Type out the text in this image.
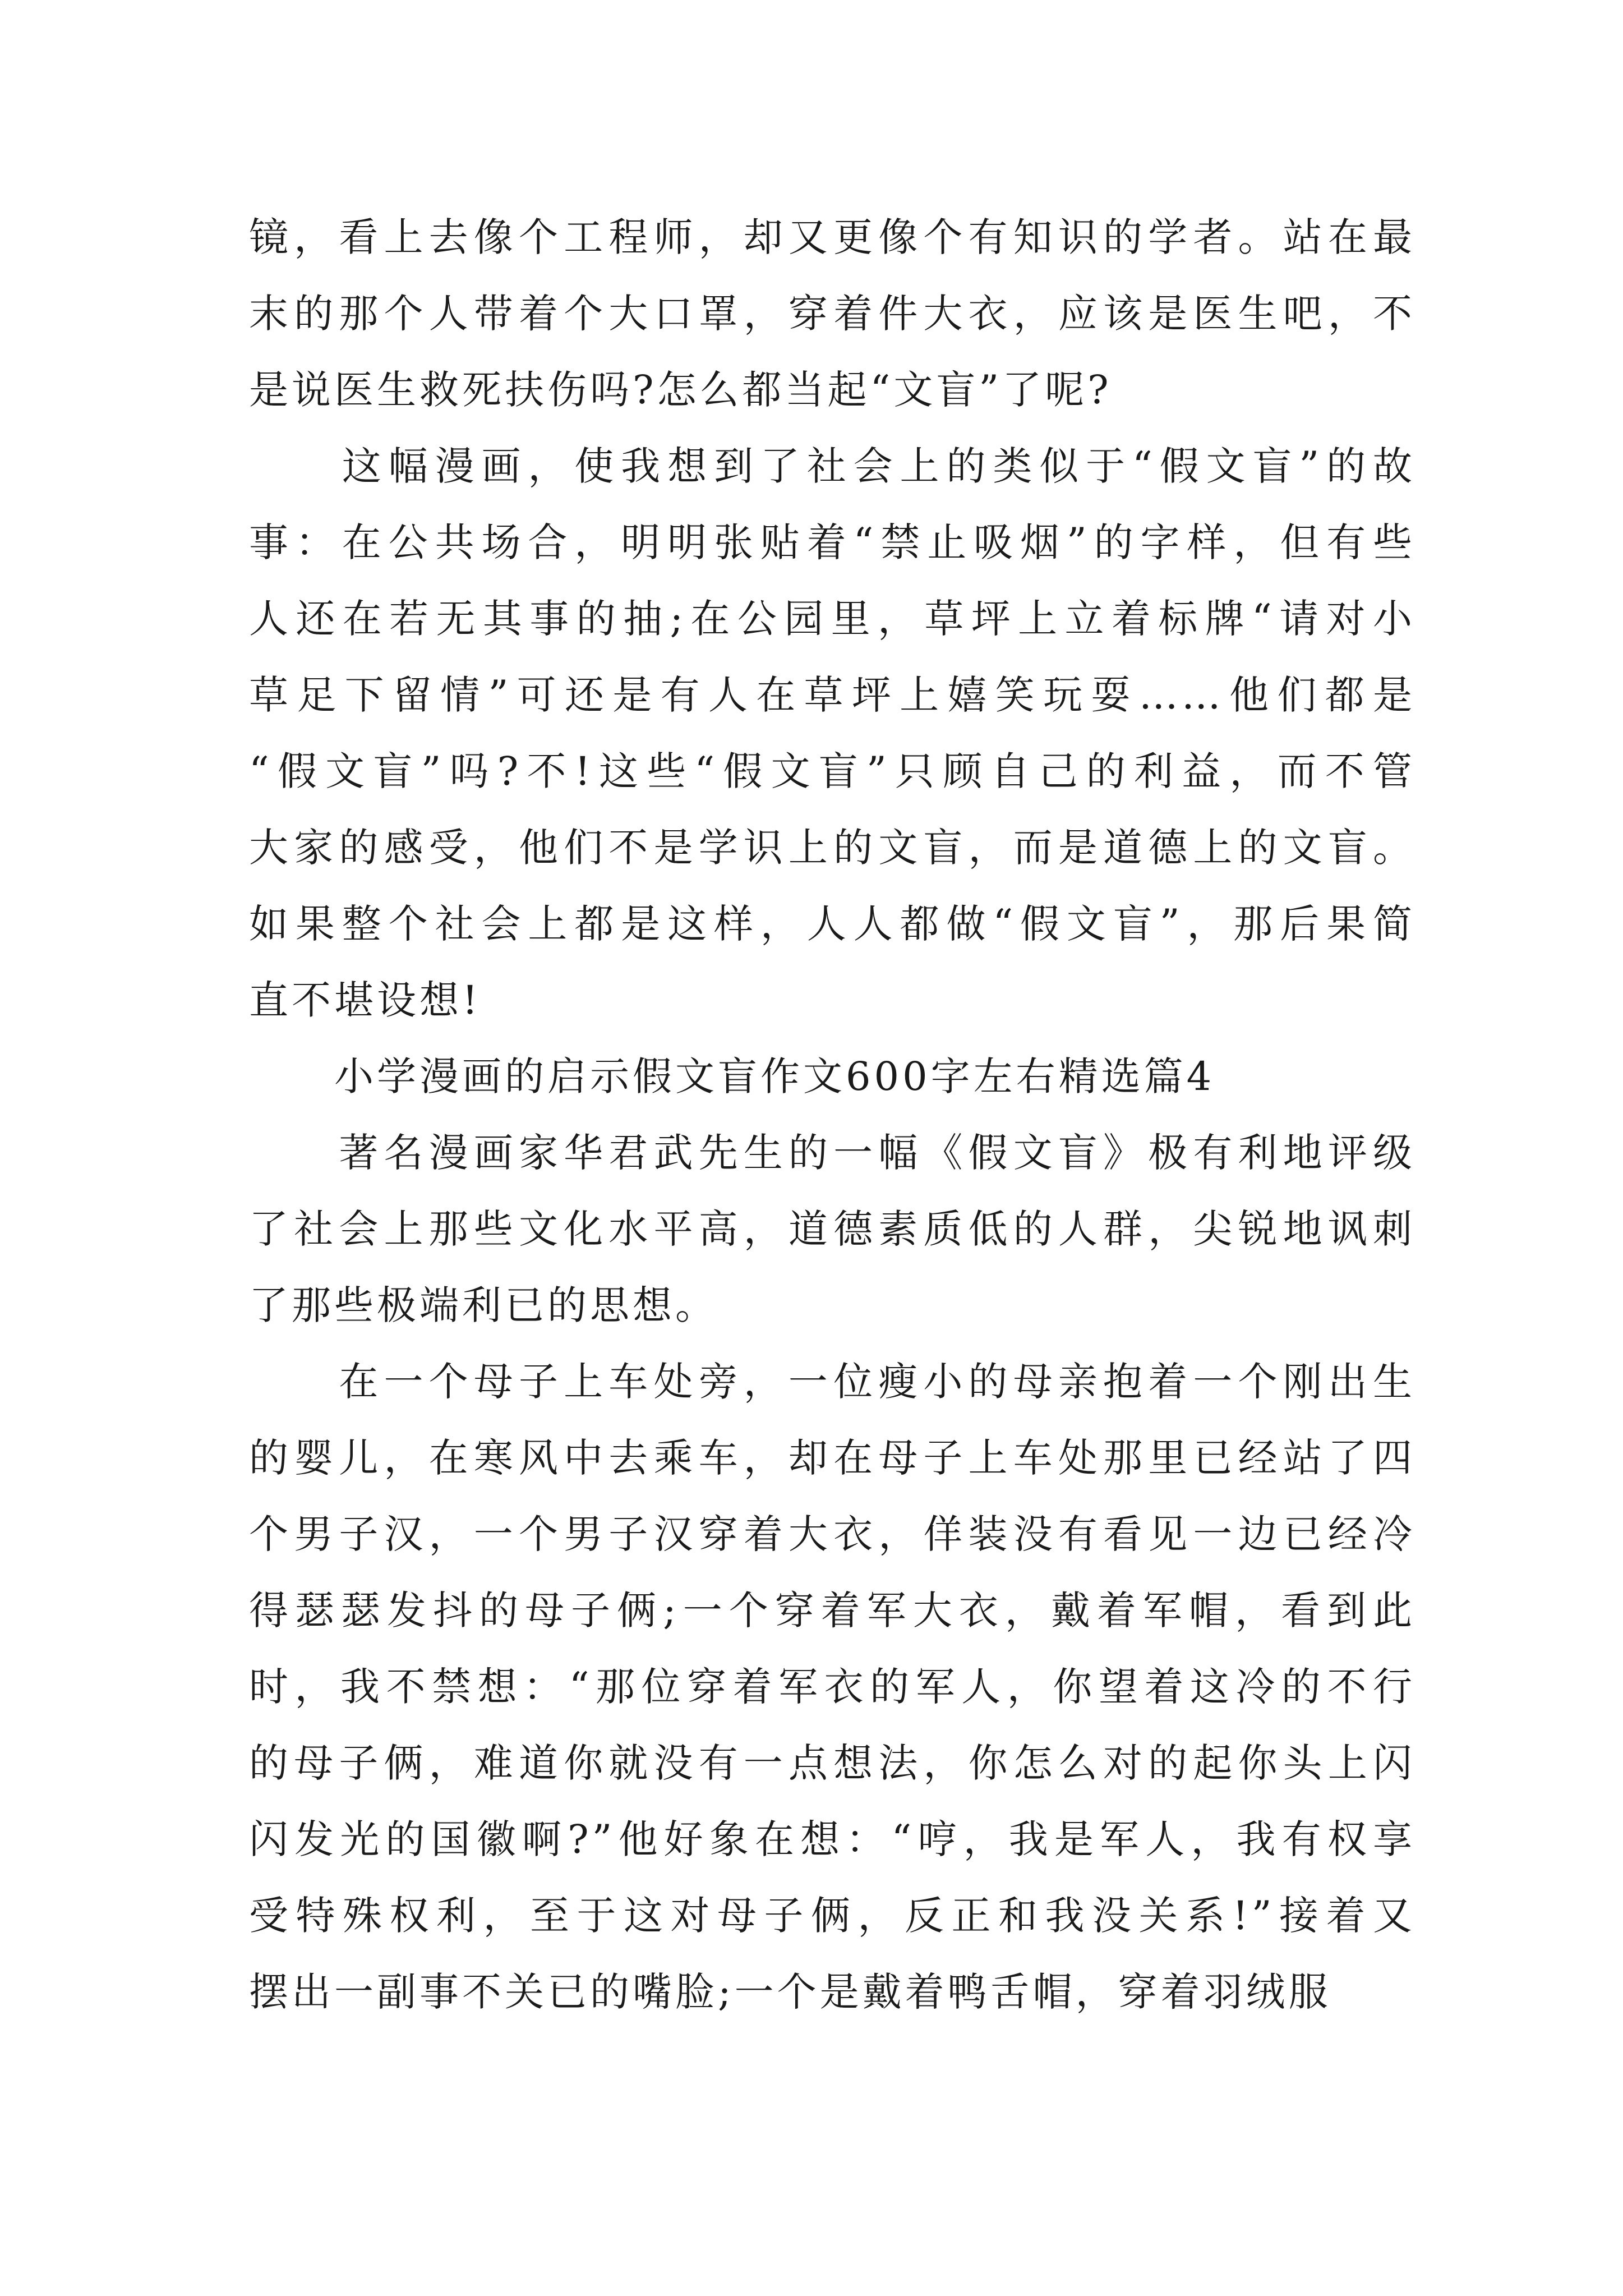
镜，看上去像个工程师，却又更像个有知识的学者。站在最
末的那个人带着个大口罩，穿着件大衣，应该是医生吧，不
是说医生救死扶伤吗?怎么都当起“文盲”了呢?
　　这幅漫画，使我想到了社会上的类似于“假文盲”的故
事：在公共场合，明明张贴着“禁止吸烟”的字样，但有些
人还在若无其事的抽;在公园里，草坪上立着标牌“请对小
草足下留情”可还是有人在草坪上嬉笑玩耍……他们都是
“假文盲”吗?不!这些“假文盲”只顾自己的利益，而不管
大家的感受，他们不是学识上的文盲，而是道德上的文盲。
如果整个社会上都是这样，人人都做“假文盲”，那后果简
直不堪设想!
　　小学漫画的启示假文盲作文600字左右精选篇4
　　著名漫画家华君武先生的一幅《假文盲》极有利地评级
了社会上那些文化水平高，道德素质低的人群，尖锐地讽刺
了那些极端利已的思想。
　　在一个母子上车处旁，一位瘦小的母亲抱着一个刚出生
的婴儿，在寒风中去乘车，却在母子上车处那里已经站了四
个男子汉，一个男子汉穿着大衣，佯装没有看见一边已经冷
得瑟瑟发抖的母子俩;一个穿着军大衣，戴着军帽，看到此
时，我不禁想：“那位穿着军衣的军人，你望着这冷的不行
的母子俩，难道你就没有一点想法，你怎么对的起你头上闪
闪发光的国徽啊?”他好象在想：“哼，我是军人，我有权享
受特殊权利，至于这对母子俩，反正和我没关系!”接着又
摆出一副事不关已的嘴脸;一个是戴着鸭舌帽，穿着羽绒服
